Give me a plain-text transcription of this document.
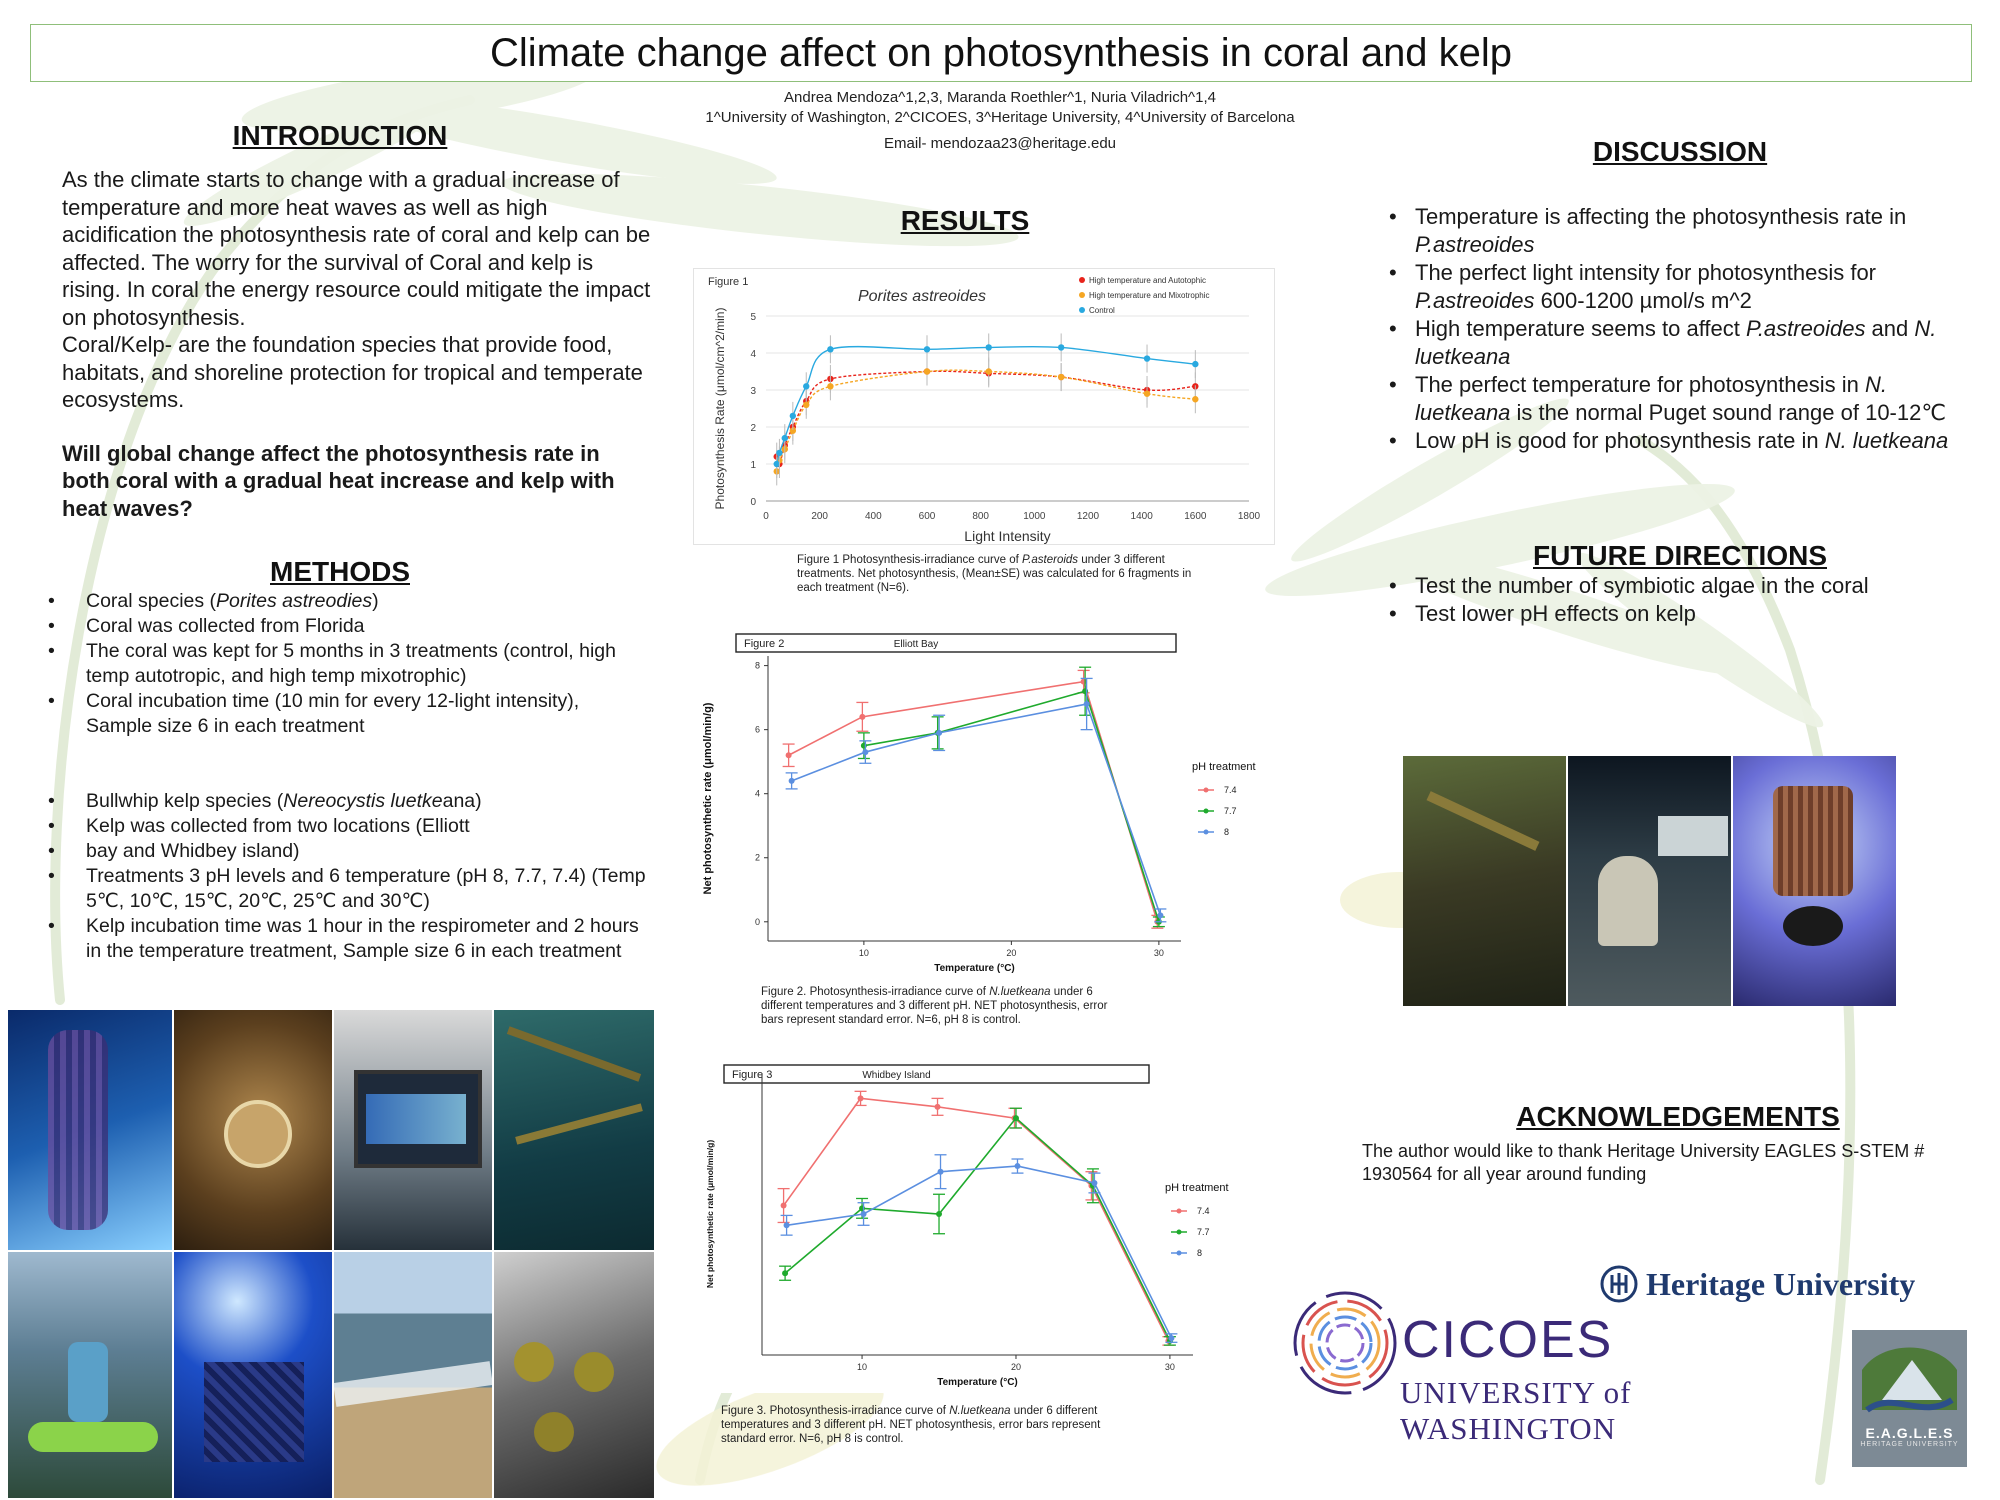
Climate change affect on photosynthesis in coral and kelp
Andrea Mendoza^1,2,3, Maranda Roethler^1, Nuria Viladrich^1,4
1^University of Washington, 2^CICOES, 3^Heritage University, 4^University of Barcelona
Email- mendozaa23@heritage.edu
INTRODUCTION
As the climate starts to change with a gradual increase of temperature and more heat waves as well as high acidification the photosynthesis rate of coral and kelp can be affected. The worry for the survival of Coral and kelp is rising. In coral the energy resource could mitigate the impact on photosynthesis.
Coral/Kelp- are the foundation species that provide food, habitats, and shoreline protection for tropical and temperate ecosystems.
Will global change affect the photosynthesis rate in both coral with a gradual heat increase and kelp with heat waves?
METHODS
• Coral species (Porites astreodies)
• Coral was collected from Florida
• The coral was kept for 5 months in 3 treatments (control, high temp autotropic, and high temp mixotrophic)
• Coral incubation time (10 min for every 12-light intensity), Sample size 6 in each treatment
• Bullwhip kelp species (Nereocystis luetkeana)
• Kelp was collected from two locations (Elliott
• bay and Whidbey island)
• Treatments 3 pH levels and 6 temperature (pH 8, 7.7, 7.4) (Temp 5℃, 10℃, 15℃, 20℃, 25℃ and 30℃)
• Kelp incubation time was 1 hour in the respirometer and 2 hours in the temperature treatment, Sample size 6 in each treatment
RESULTS
Figure 1
0
1
2
3
4
5
0	200	400	600	800	1000	1200	1400	1600	1800
Light Intensity
Photosynthesis Rate (μmol/cm^2/min)
Porites astreoides
High temperature and Autotophic
High temperature and Mixotrophic
Control
Figure 1 Photosynthesis-irradiance curve of P.asteroids under 3 different treatments. Net photosynthesis, (Mean±SE) was calculated for 6 fragments in each treatment (N=6).
Figure 2	Elliott Bay
0
2
4
6
8
10	20	30
Temperature (°C)
Net photosynthetic rate (μmol/min/g)	7.4
7.7
8
pH treatment
Figure 2. Photosynthesis-irradiance curve of N.luetkeana under 6 different temperatures and 3 different pH. NET photosynthesis, error bars represent standard error. N=6, pH 8 is control.
Figure 3	Whidbey Island
10	20	30
Temperature (°C)
Net photosynthetic rate (μmol/min/g)	7.4
7.7
8
pH treatment
Figure 3. Photosynthesis-irradiance curve of N.luetkeana under 6 different temperatures and 3 different pH. NET photosynthesis, error bars represent standard error. N=6, pH 8 is control.
DISCUSSION
• Temperature is affecting the photosynthesis rate in P.astreoides
• The perfect light intensity for photosynthesis for P.astreoides 600-1200 µmol/s m^2
• High temperature seems to affect P.astreoides and N. luetkeana
• The perfect temperature for photosynthesis in N. luetkeana is the normal Puget sound range of 10-12℃
• Low pH is good for photosynthesis rate in N. luetkeana
FUTURE DIRECTIONS
• Test the number of symbiotic algae in the coral
• Test lower pH effects on kelp
ACKNOWLEDGEMENTS
The author would like to thank Heritage University EAGLES S-STEM # 1930564 for all year around funding
Heritage University
CICOES
UNIVERSITY of WASHINGTON	E.A.G.L.E.S
HERITAGE UNIVERSITY
